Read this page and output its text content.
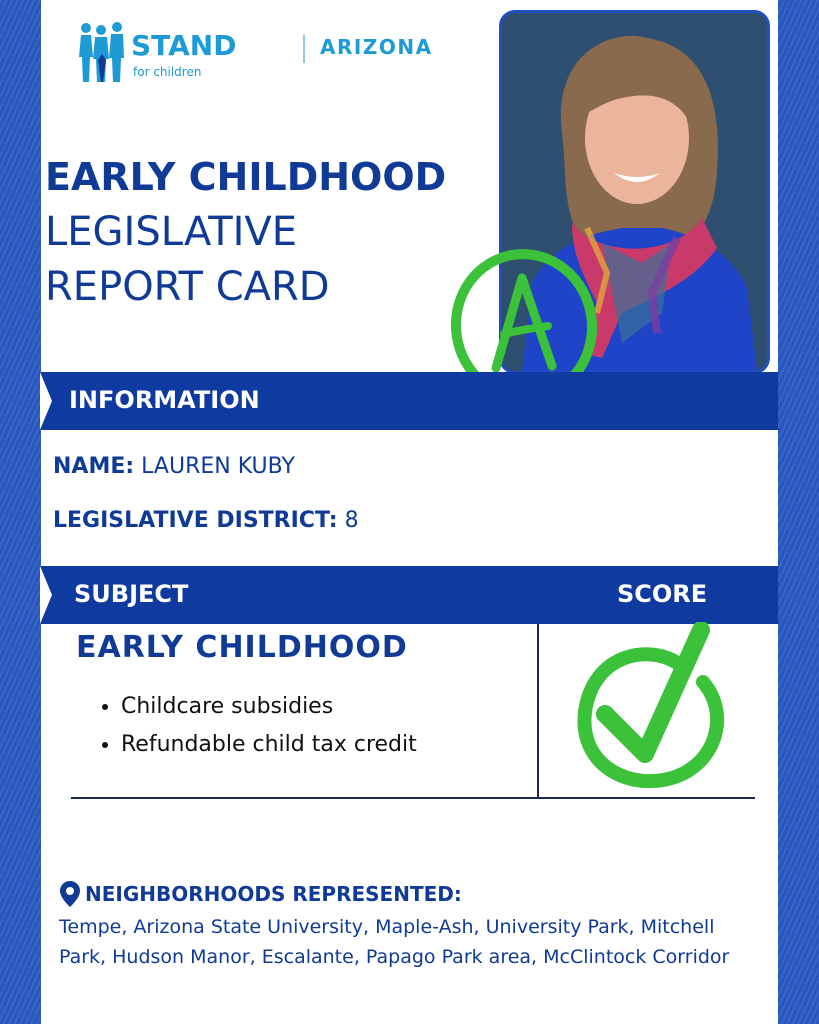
STAND
for children
ARIZONA
EARLY CHILDHOOD
LEGISLATIVE
REPORT CARD
A
INFORMATION
NAME: LAUREN KUBY
LEGISLATIVE DISTRICT: 8
SUBJECT	SCORE
EARLY CHILDHOOD
• Childcare subsidies
• Refundable child tax credit
NEIGHBORHOODS REPRESENTED:
Tempe, Arizona State University, Maple-Ash, University Park, Mitchell Park, Hudson Manor, Escalante, Papago Park area, McClintock Corridor
